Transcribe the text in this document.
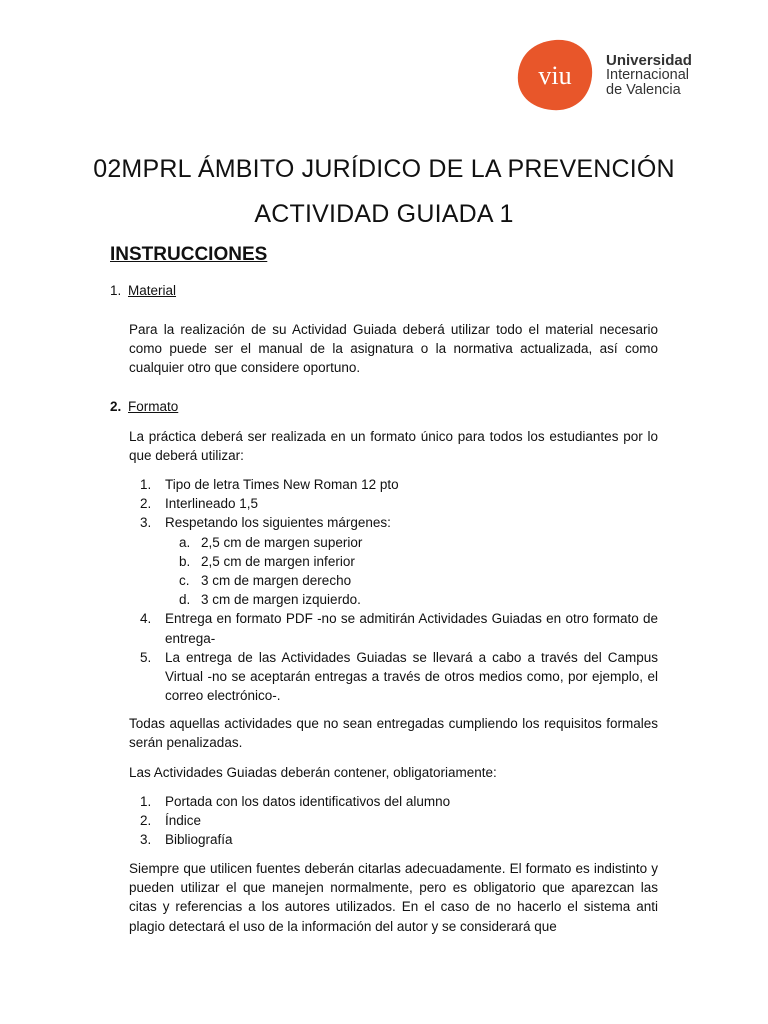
viu
Universidad
Internacional
de Valencia
02MPRL ÁMBITO JURÍDICO DE LA PREVENCIÓN
ACTIVIDAD GUIADA 1
INSTRUCCIONES
1. Material

Para la realización de su Actividad Guiada deberá utilizar todo el material necesario como puede ser el manual de la asignatura o la normativa actualizada, así como cualquier otro que considere oportuno.

2. Formato

La práctica deberá ser realizada en un formato único para todos los estudiantes por lo que deberá utilizar:

1.	Tipo de letra Times New Roman 12 pto
2.	Interlineado 1,5
3.	Respetando los siguientes márgenes:
a. 2,5 cm de margen superior
b. 2,5 cm de margen inferior
c. 3 cm de margen derecho
d. 3 cm de margen izquierdo.
4.	Entrega en formato PDF -no se admitirán Actividades Guiadas en otro formato de entrega-
5.	La entrega de las Actividades Guiadas se llevará a cabo a través del Campus Virtual -no se aceptarán entregas a través de otros medios como, por ejemplo, el correo electrónico-.

Todas aquellas actividades que no sean entregadas cumpliendo los requisitos formales serán penalizadas.

Las Actividades Guiadas deberán contener, obligatoriamente:

1.	Portada con los datos identificativos del alumno
2.	Índice
3.	Bibliografía

Siempre que utilicen fuentes deberán citarlas adecuadamente. El formato es indistinto y pueden utilizar el que manejen normalmente, pero es obligatorio que aparezcan las citas y referencias a los autores utilizados. En el caso de no hacerlo el sistema anti plagio detectará el uso de la información del autor y se considerará que
